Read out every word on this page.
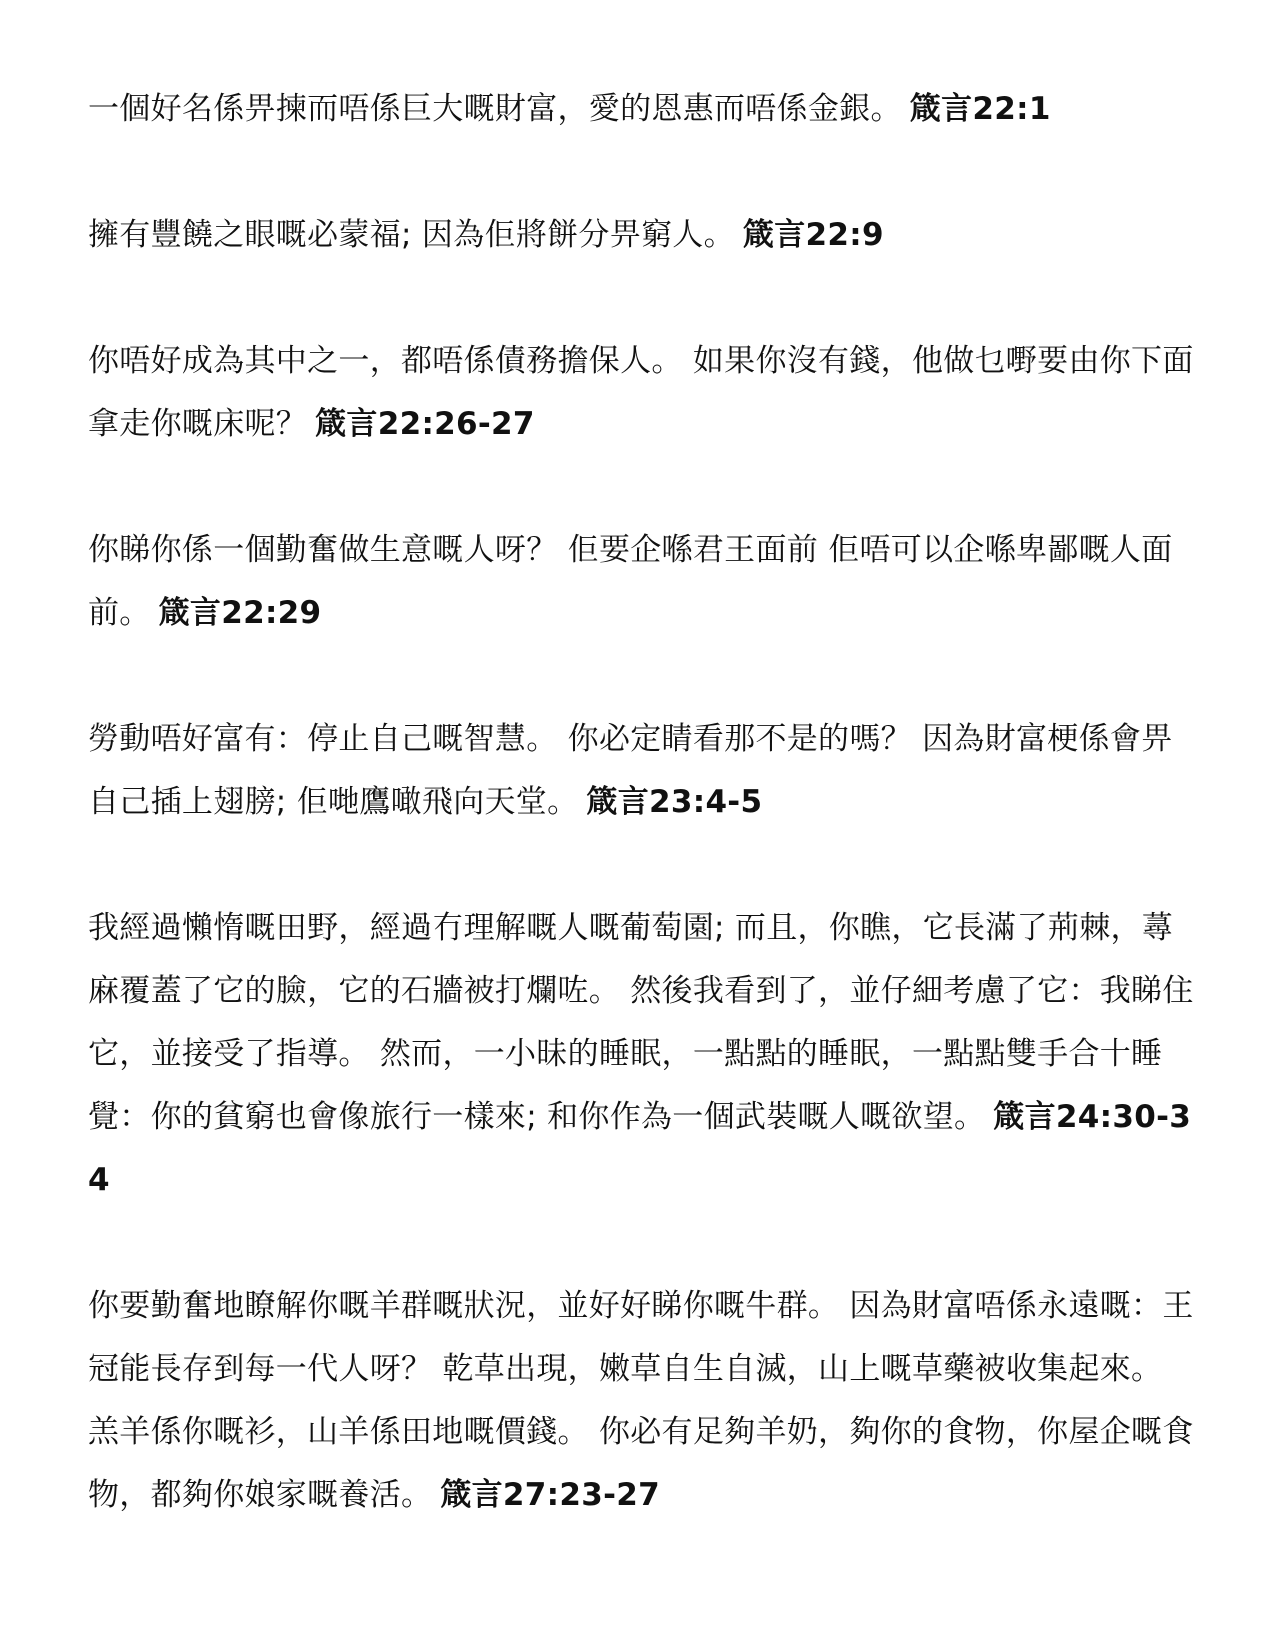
一個好名係畀揀而唔係巨大嘅財富，愛的恩惠而唔係金銀。 箴言22:1

擁有豐饒之眼嘅必蒙福; 因為佢將餅分畀窮人。 箴言22:9

你唔好成為其中之一，都唔係債務擔保人。 如果你沒有錢，他做乜嘢要由你下面拿走你嘅床呢？ 箴言22:26-27

你睇你係一個勤奮做生意嘅人呀？ 佢要企喺君王面前 佢唔可以企喺卑鄙嘅人面前。 箴言22:29

勞動唔好富有：停止自己嘅智慧。 你必定睛看那不是的嗎？ 因為財富梗係會畀自己插上翅膀; 佢哋鷹噉飛向天堂。 箴言23:4-5

我經過懶惰嘅田野，經過冇理解嘅人嘅葡萄園; 而且，你瞧，它長滿了荊棘，蕁麻覆蓋了它的臉，它的石牆被打爛咗。 然後我看到了，並仔細考慮了它：我睇住它，並接受了指導。 然而，一小昧的睡眠，一點點的睡眠，一點點雙手合十睡覺：你的貧窮也會像旅行一樣來; 和你作為一個武裝嘅人嘅欲望。 箴言24:30-34

你要勤奮地瞭解你嘅羊群嘅狀況，並好好睇你嘅牛群。 因為財富唔係永遠嘅：王冠能長存到每一代人呀？ 乾草出現，嫩草自生自滅，山上嘅草藥被收集起來。 羔羊係你嘅衫，山羊係田地嘅價錢。 你必有足夠羊奶，夠你的食物，你屋企嘅食物，都夠你娘家嘅養活。 箴言27:23-27
